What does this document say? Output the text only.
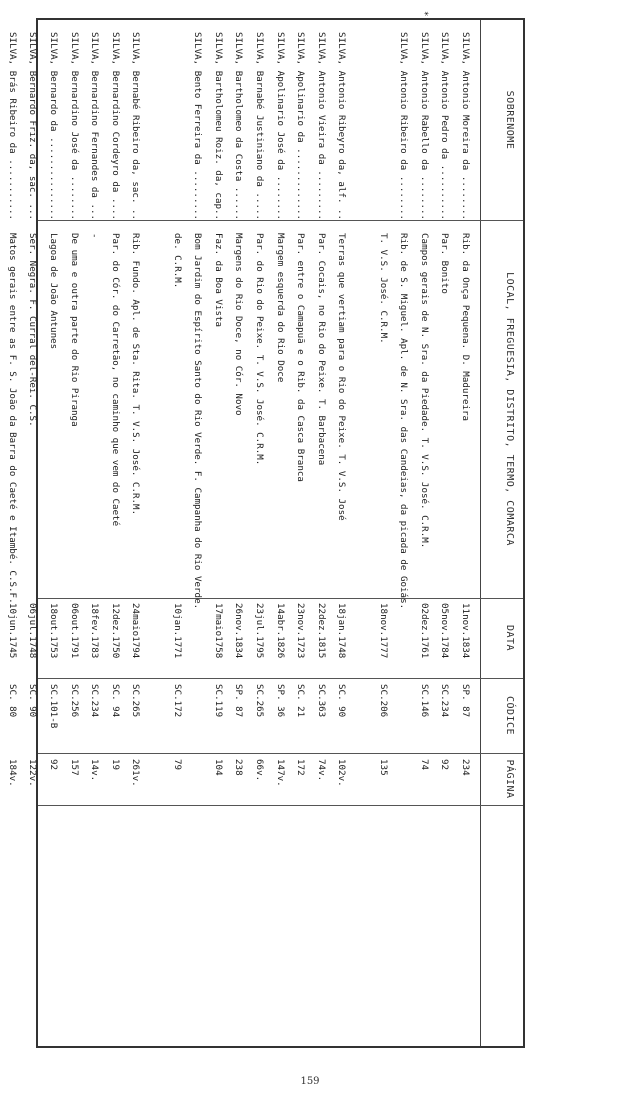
SOBRENOME
LOCAL, FREGUESIA, DISTRITO, TERMO, COMARCA
DATA
CÓDICE
PÁGINA
SILVA, Antonio Moreira da ........
Rib. da Onça Pequena. D. Madureira
11nov.1834
SP. 87
234
SILVA, Antonio Pedro da ..........
Par. Bonito
05nov.1784
SC.234
92
SILVA, Antonio Rabello da ........
Campos gerais de N. Sra. da Piedade. T. V.S. José. C.R.M.
02dez.1761
SC.146
74
*
SILVA, Antonio Ribeiro da ........
Rib. de S. Miguel. Apl. de N. Sra. das Candeias, da picada de Goiás.
T. V.S. José. C.R.M.
18nov.1777
SC.206
135
SILVA, Antonio Ribeyro da, alf. ..
Terras que vertiam para o Rio do Peixe. T. V.S. José
18jan.1748
SC. 90
102v.
SILVA, Antonio Vieira da .........
Par. Cocais, no Rio do Peixe. T. Barbacena
22dez.1815
SC.363
74v.
SILVA, Apolinario da .............
Par. entre o Camapuã e o Rib. da Casca Branca
23nov.1723
SC. 21
172
SILVA, Apolinario José da ........
Margem esquerda do Rio Doce
14abr.1826
SP. 36
147v.
SILVA, Barnabé Justiniano da .....
Par. do Rio do Peixe. T. V.S. José. C.R.M.
23jul.1795
SC.265
66v.
SILVA, Bartholomeo da Costa ......
Margens do Rio Doce, no Cór. Novo
26nov.1834
SP. 87
238
SILVA, Bartholomeu Roiz. da, cap..
Faz. da Boa Vista
17maio1758
SC.119
104
SILVA, Bento Ferreira da .........
Bom Jardim do Espírito Santo do Rio Verde. F. Campanha do Rio Verde.
de. C.R.M.
10jan.1771
SC.172
79
SILVA, Bernabé Ribeiro da, sac. ..
Rib. Fundo. Apl. de Sta. Rita. T. V.S. José. C.R.M.
24maio1794
SC.265
261v.
SILVA, Bernardino Cordeyro da ....
Par. do Cór. do Carretão, no caminho que vem do Caeté
12dez.1750
SC. 94
19
SILVA, Bernardino Fernandes da ...
-
18fev.1783
SC.234
14v.
SILVA, Bernardino José da ........
De uma e outra parte do Rio Piranga
06out.1791
SC.256
157
SILVA, Bernardo da ...............
Lagoa de João Antunes
18out.1753
SC.101-B
92
SILVA, Bernardo Friz. da, sac. ...
Ser. Negra. F. Curral del-Rei. C.S.
06jul.1748
SC. 90
122v.
SILVA, Brás Ribeiro da ...........
Matos gerais entre as F. S. João da Barra do Caeté e Itambé. C.S.F.
10jun.1745
SC. 80
184v.
159
